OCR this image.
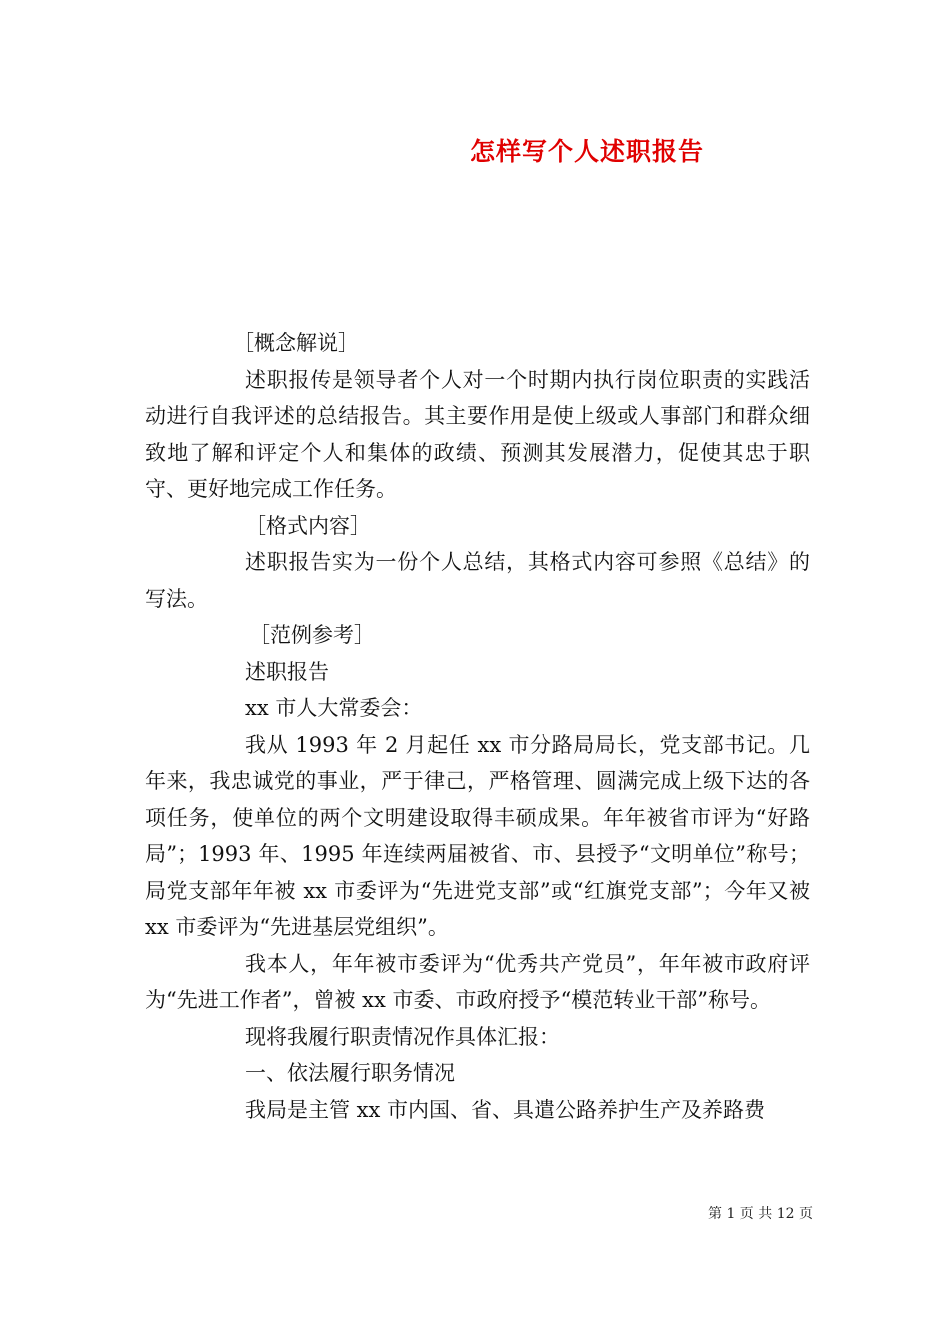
怎样写个人述职报告

［概念解说］

述职报传是领导者个人对一个时期内执行岗位职责的实践活动进行自我评述的总结报告。其主要作用是使上级或人事部门和群众细致地了解和评定个人和集体的政绩、预测其发展潜力，促使其忠于职守、更好地完成工作任务。

［格式内容］

述职报告实为一份个人总结，其格式内容可参照《总结》的写法。

［范例参考］

述职报告

xx 市人大常委会：

我从 1993 年 2 月起任 xx 市分路局局长，党支部书记。几年来，我忠诚党的事业，严于律己，严格管理、圆满完成上级下达的各项任务，使单位的两个文明建设取得丰硕成果。年年被省市评为“好路局”；1993 年、1995 年连续两届被省、市、县授予“文明单位”称号；局党支部年年被 xx 市委评为“先进党支部”或“红旗党支部”；今年又被 xx 市委评为“先进基层党组织”。

我本人，年年被市委评为“优秀共产党员”，年年被市政府评为“先进工作者”，曾被 xx 市委、市政府授予“模范转业干部”称号。

现将我履行职责情况作具体汇报：

一、依法履行职务情况

我局是主管 xx 市内国、省、具遣公路养护生产及养路费

第 1 页 共 12 页
